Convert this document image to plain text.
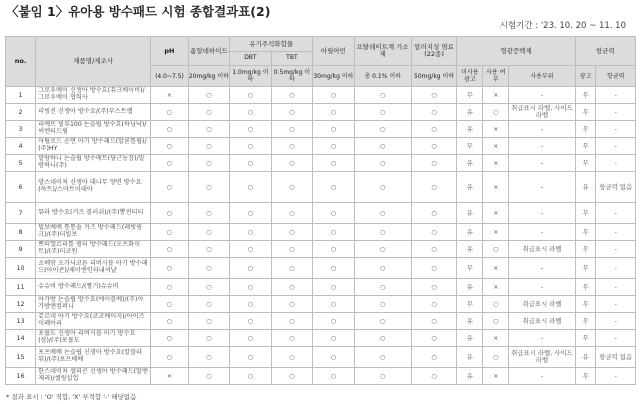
〈붙임 1〉유아용 방수패드 시험 종합결과표(2)
시험기간 : '23. 10. 20 ~ 11. 10
no.	제품명/제조사	pH	폼알데하이드	유기주석화합물		아릴아민	프탈레이트계 가소제	알러지성 염료 (22종)	형광증백제			항균력	
				DBT	TBT								
		(4.0~7.5)	20mg/kg 이하	1.0mg/kg 이하	0.5mg/kg 이하	30mg/kg 이하	총 0.1% 이하	50mg/kg 이하	미사용 광고	사용 여부	사용부위	광고	항균력
1	그로우메이 신생아 방수요(퓨크베이비)/그로우메이 협력사	×	○	○	○	○	○	○	무	×	-	무	-
2	리빙진 신생아 방수요/(주)부스트랩	○	○	○	○	○	○	○	유	○	취급표시 라벨, 사이드 라벨	무	-
3	리예뜨 빌루100 논슬립 방수요(하닝낙)/씨엔티드림	○	○	○	○	○	○	○	유	×	-	무	-
4	마틸로드 순면 아기 방수패드(알론틀립)/(주)HY	○	○	○	○	○	○	○	무	×	-	무	-
5	말랑하니 논슬립 방수매트(당근농장)/말랑하니(주)	○	○	○	○	○	○	○	유	×	-	무	-
6	맘스네이처 신생아 대나무 양면 방수요(하트)/스마트이데아	○	○	○	○	○	○	○	유	×	-	유	항균력 없음
7	뮤라 방수요(거즈 블러쉬)/(주)뽕전티티	○	○	○	○	○	○	○	유	×	-	무	-
8	빌보베베 통통솔 거즈 방수패드(레빗핑크)/(주)더빌보	○	○	○	○	○	○	○	유	×	-	무	-
9	쁘띠엘르리틀 퀼티 방수패드(오프화이트)/(주)더코원	○	○	○	○	○	○	○	유	○	취급표시 라벨	무	-
10	소베맘 오가닉코튼 리버시블 아기 방수패드(아이콘)/제이엔인터내셔날	○	○	○	○	○	○	○	무	×	-	무	-
11	슈슈비 방수패드/(짱기)슈슈비	○	○	○	○	○	○	○	유	×	-	무	-
12	아가방 논슬립 방수요(에이블베)/(주)아가방앤컴퍼니	○	○	○	○	○	○	○	무	○	취급표시 라벨	무	-
13	쥬르네 아기 방수요(코코베이지)/아이즈이페어리	○	○	○	○	○	○	○	유	○	취급표시 라벨	무	-
14	포뮬도 신생아 리버시블 아기 방수요(샴)/(주)포뮬도	○	○	○	○	○	○	○	유	×	-	무	-
15	포프베베 논슬립 신생아 방수요(칼블라워)/(주)포프베베	○	○	○	○	○	○	○	유	○	취급표시 라벨, 사이드 라벨	유	항균력 없음
16	한스네이처 셀리곤 신생아 방수패드(알엔제리)/셀링실업	×	○	○	○	○	○	○	유	×	-	무	-
* 결과 표시 : 'O' 적합, 'X' 부적합 '-' 해당없음
